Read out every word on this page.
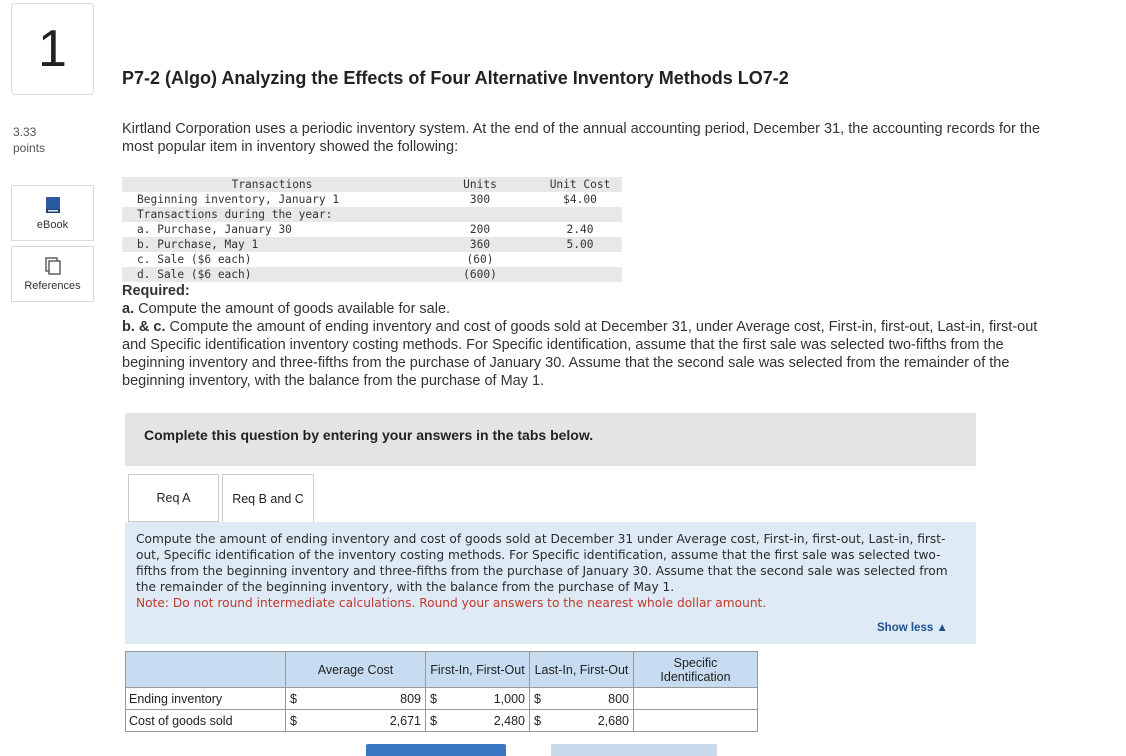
1
3.33
points
eBook
References
P7-2 (Algo) Analyzing the Effects of Four Alternative Inventory Methods LO7-2
Kirtland Corporation uses a periodic inventory system. At the end of the annual accounting period, December 31, the accounting records for the most popular item in inventory showed the following:
Transactions	Units	Unit Cost
Beginning inventory, January 1	300	$4.00
Transactions during the year:		
a. Purchase, January 30	200	2.40
b. Purchase, May 1	360	5.00
c. Sale ($6 each)	(60)	
d. Sale ($6 each)	(600)	
Required:
a. Compute the amount of goods available for sale.
b. & c. Compute the amount of ending inventory and cost of goods sold at December 31, under Average cost, First-in, first-out, Last-in, first-out and Specific identification inventory costing methods. For Specific identification, assume that the first sale was selected two-fifths from the beginning inventory and three-fifths from the purchase of January 30. Assume that the second sale was selected from the remainder of the beginning inventory, with the balance from the purchase of May 1.
Complete this question by entering your answers in the tabs below.
Req A	Req B and C
Compute the amount of ending inventory and cost of goods sold at December 31 under Average cost, First-in, first-out, Last-in, first-out, Specific identification of the inventory costing methods. For Specific identification, assume that the first sale was selected two-fifths from the beginning inventory and three-fifths from the purchase of January 30. Assume that the second sale was selected from the remainder of the beginning inventory, with the balance from the purchase of May 1.
Note: Do not round intermediate calculations. Round your answers to the nearest whole dollar amount.
Show less ▲
	Average Cost		First-In, First-Out		Last-In, First-Out		Specific Identification	
Ending inventory	$	809	$	1,000	$	800		
Cost of goods sold	$	2,671	$	2,480	$	2,680		
